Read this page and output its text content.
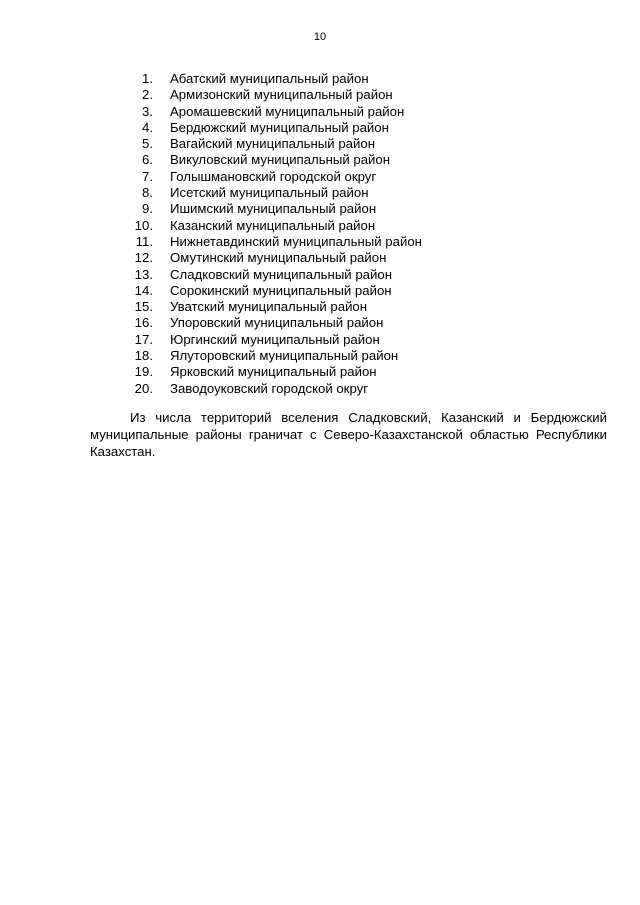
10
1. Абатский муниципальный район
2. Армизонский муниципальный район
3. Аромашевский муниципальный район
4. Бердюжский муниципальный район
5. Вагайский муниципальный район
6. Викуловский муниципальный район
7. Голышмановский городской округ
8. Исетский муниципальный район
9. Ишимский муниципальный район
10. Казанский муниципальный район
11. Нижнетавдинский муниципальный район
12. Омутинский муниципальный район
13. Сладковский муниципальный район
14. Сорокинский муниципальный район
15. Уватский муниципальный район
16. Упоровский муниципальный район
17. Юргинский муниципальный район
18. Ялуторовский муниципальный район
19. Ярковский муниципальный район
20. Заводоуковский городской округ

Из числа территорий вселения Сладковский, Казанский и Бердюжский муниципальные районы граничат с Северо-Казахстанской областью Республики Казахстан.
